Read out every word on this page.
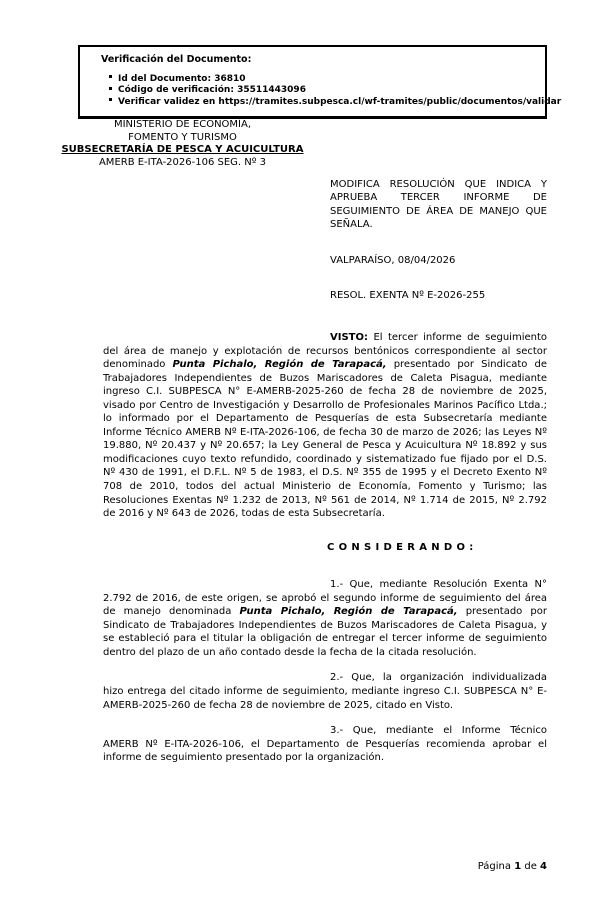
Verificación del Documento:
Id del Documento: 36810
Código de verificación: 35511443096
Verificar validez en https://tramites.subpesca.cl/wf-tramites/public/documentos/validar
MINISTERIO DE ECONOMÍA,
FOMENTO Y TURISMO
SUBSECRETARÍA DE PESCA Y ACUICULTURA
AMERB E-ITA-2026-106 SEG. Nº 3

MODIFICA RESOLUCIÓN QUE INDICA Y APRUEBA TERCER INFORME DE SEGUIMIENTO DE ÁREA DE MANEJO QUE SEÑALA.

VALPARAÍSO, 08/04/2026

RESOL. EXENTA Nº E-2026-255

VISTO: El tercer informe de seguimiento del área de manejo y explotación de recursos bentónicos correspondiente al sector denominado Punta Pichalo, Región de Tarapacá, presentado por Sindicato de Trabajadores Independientes de Buzos Mariscadores de Caleta Pisagua, mediante ingreso C.I. SUBPESCA N° E-AMERB-2025-260 de fecha 28 de noviembre de 2025, visado por Centro de Investigación y Desarrollo de Profesionales Marinos Pacífico Ltda.; lo informado por el Departamento de Pesquerías de esta Subsecretaría mediante Informe Técnico AMERB Nº E-ITA-2026-106, de fecha 30 de marzo de 2026; las Leyes Nº 19.880, Nº 20.437 y Nº 20.657; la Ley General de Pesca y Acuicultura Nº 18.892 y sus modificaciones cuyo texto refundido, coordinado y sistematizado fue fijado por el D.S. Nº 430 de 1991, el D.F.L. Nº 5 de 1983, el D.S. Nº 355 de 1995 y el Decreto Exento Nº 708 de 2010, todos del actual Ministerio de Economía, Fomento y Turismo; las Resoluciones Exentas Nº 1.232 de 2013, Nº 561 de 2014, Nº 1.714 de 2015, Nº 2.792 de 2016 y Nº 643 de 2026, todas de esta Subsecretaría.

C O N S I D E R A N D O :

1.- Que, mediante Resolución Exenta N° 2.792 de 2016, de este origen, se aprobó el segundo informe de seguimiento del área de manejo denominada Punta Pichalo, Región de Tarapacá, presentado por Sindicato de Trabajadores Independientes de Buzos Mariscadores de Caleta Pisagua, y se estableció para el titular la obligación de entregar el tercer informe de seguimiento dentro del plazo de un año contado desde la fecha de la citada resolución.

2.- Que, la organización individualizada hizo entrega del citado informe de seguimiento, mediante ingreso C.I. SUBPESCA N° E-AMERB-2025-260 de fecha 28 de noviembre de 2025, citado en Visto.

3.- Que, mediante el Informe Técnico AMERB Nº E-ITA-2026-106, el Departamento de Pesquerías recomienda aprobar el informe de seguimiento presentado por la organización.

Página 1 de 4
